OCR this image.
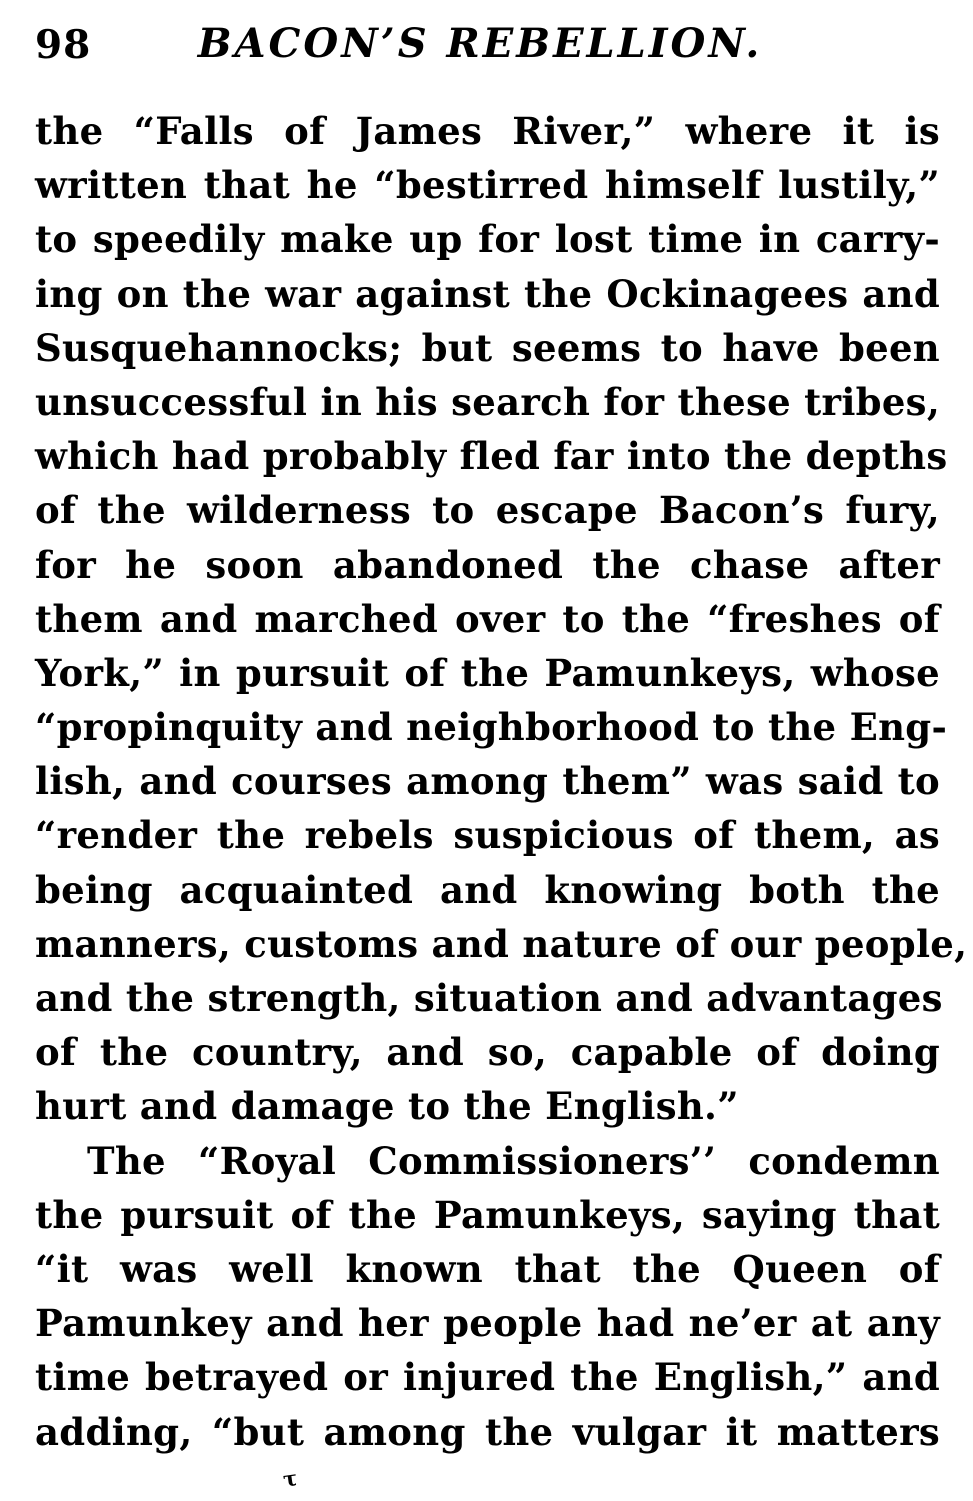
98	BACON’S REBELLION.
the “Falls of James River,” where it is
written that he “bestirred himself lustily,”
to speedily make up for lost time in carry-
ing on the war against the Ockinagees and
Susquehannocks; but seems to have been
unsuccessful in his search for these tribes,
which had probably fled far into the depths
of the wilderness to escape Bacon’s fury,
for he soon abandoned the chase after
them and marched over to the “freshes of
York,” in pursuit of the Pamunkeys, whose
“propinquity and neighborhood to the Eng-
lish, and courses among them” was said to
“render the rebels suspicious of them, as
being acquainted and knowing both the
manners, customs and nature of our people,
and the strength, situation and advantages
of the country, and so, capable of doing
hurt and damage to the English.”
The “Royal Commissioners’’ condemn
the pursuit of the Pamunkeys, saying that
“it was well known that the Queen of
Pamunkey and her people had ne’er at any
time betrayed or injured the English,” and
adding, “but among the vulgar it matters
τ
